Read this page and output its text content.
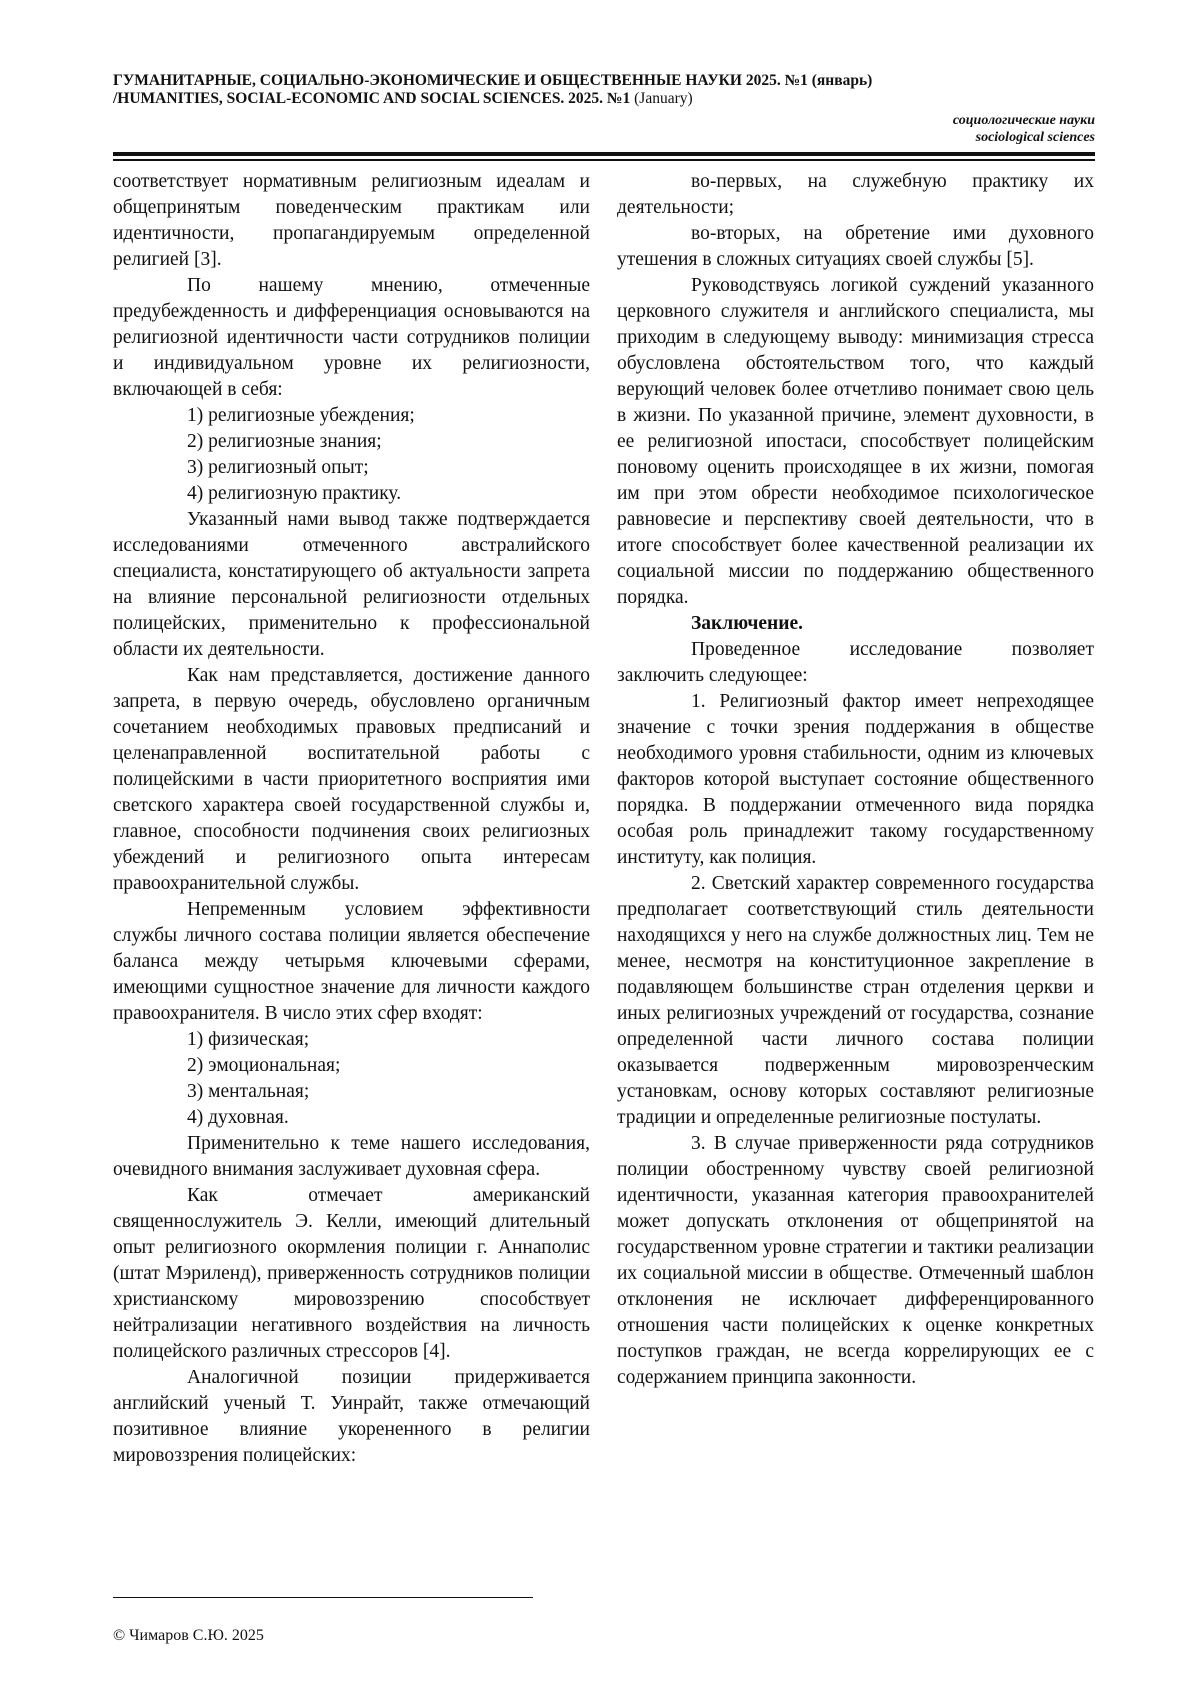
ГУМАНИТАРНЫЕ, СОЦИАЛЬНО-ЭКОНОМИЧЕСКИЕ И ОБЩЕСТВЕННЫЕ НАУКИ 2025. №1 (январь)
/HUMANITIES, SOCIAL-ECONOMIC AND SOCIAL SCIENCES. 2025. №1 (January)
социологические науки
sociological sciences

соответствует нормативным религиозным идеалам и общепринятым поведенческим практикам или идентичности, пропагандируемым определенной религией [3].

По нашему мнению, отмеченные предубежденность и дифференциация основываются на религиозной идентичности части сотрудников полиции и индивидуальном уровне их религиозности, включающей в себя:

1) религиозные убеждения;

2) религиозные знания;

3) религиозный опыт;

4) религиозную практику.

Указанный нами вывод также подтверждается исследованиями отмеченного австралийского специалиста, констатирующего об актуальности запрета на влияние персональной религиозности отдельных полицейских, применительно к профессиональной области их деятельности.

Как нам представляется, достижение данного запрета, в первую очередь, обусловлено органичным сочетанием необходимых правовых предписаний и целенаправленной воспитательной работы с полицейскими в части приоритетного восприятия ими светского характера своей государственной службы и, главное, способности подчинения своих религиозных убеждений и религиозного опыта интересам правоохранительной службы.

Непременным условием эффективности службы личного состава полиции является обеспечение баланса между четырьмя ключевыми сферами, имеющими сущностное значение для личности каждого правоохранителя. В число этих сфер входят:

1) физическая;

2) эмоциональная;

3) ментальная;

4) духовная.

Применительно к теме нашего исследования, очевидного внимания заслуживает духовная сфера.

Как отмечает американский священнослужитель Э. Келли, имеющий длительный опыт религиозного окормления полиции г. Аннаполис (штат Мэриленд), приверженность сотрудников полиции христианскому мировоззрению способствует нейтрализации негативного воздействия на личность полицейского различных стрессоров [4].

Аналогичной позиции придерживается английский ученый Т. Уинрайт, также отмечающий позитивное влияние укорененного в религии мировоззрения полицейских:

во-первых, на служебную практику их деятельности;

во-вторых, на обретение ими духовного утешения в сложных ситуациях своей службы [5].

Руководствуясь логикой суждений указанного церковного служителя и английского специалиста, мы приходим в следующему выводу: минимизация стресса обусловлена обстоятельством того, что каждый верующий человек более отчетливо понимает свою цель в жизни. По указанной причине, элемент духовности, в ее религиозной ипостаси, способствует полицейским поновому оценить происходящее в их жизни, помогая им при этом обрести необходимое психологическое равновесие и перспективу своей деятельности, что в итоге способствует более качественной реализации их социальной миссии по поддержанию общественного порядка.

Заключение.

Проведенное исследование позволяет заключить следующее:

1. Религиозный фактор имеет непреходящее значение с точки зрения поддержания в обществе необходимого уровня стабильности, одним из ключевых факторов которой выступает состояние общественного порядка. В поддержании отмеченного вида порядка особая роль принадлежит такому государственному институту, как полиция.

2. Светский характер современного государства предполагает соответствующий стиль деятельности находящихся у него на службе должностных лиц. Тем не менее, несмотря на конституционное закрепление в подавляющем большинстве стран отделения церкви и иных религиозных учреждений от государства, сознание определенной части личного состава полиции оказывается подверженным мировозренческим установкам, основу которых составляют религиозные традиции и определенные религиозные постулаты.

3. В случае приверженности ряда сотрудников полиции обостренному чувству своей религиозной идентичности, указанная категория правоохранителей может допускать отклонения от общепринятой на государственном уровне стратегии и тактики реализации их социальной миссии в обществе. Отмеченный шаблон отклонения не исключает дифференцированного отношения части полицейских к оценке конкретных поступков граждан, не всегда коррелирующих ее с содержанием принципа законности.

© Чимаров С.Ю. 2025
